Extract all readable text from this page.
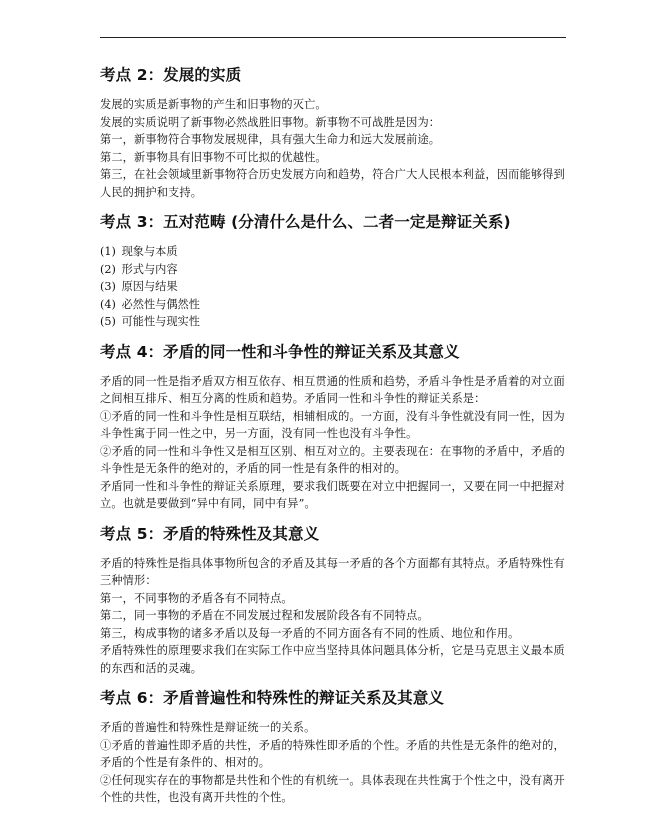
考点 2：发展的实质

发展的实质是新事物的产生和旧事物的灭亡。

发展的实质说明了新事物必然战胜旧事物。新事物不可战胜是因为：

第一，新事物符合事物发展规律，具有强大生命力和远大发展前途。

第二，新事物具有旧事物不可比拟的优越性。

第三，在社会领域里新事物符合历史发展方向和趋势，符合广大人民根本利益，因而能够得到人民的拥护和支持。

考点 3：五对范畴 (分清什么是什么、二者一定是辩证关系)

(1) 现象与本质

(2) 形式与内容

(3) 原因与结果

(4) 必然性与偶然性

(5) 可能性与现实性

考点 4：矛盾的同一性和斗争性的辩证关系及其意义

矛盾的同一性是指矛盾双方相互依存、相互贯通的性质和趋势，矛盾斗争性是矛盾着的对立面之间相互排斥、相互分离的性质和趋势。矛盾同一性和斗争性的辩证关系是：

①矛盾的同一性和斗争性是相互联结，相辅相成的。一方面，没有斗争性就没有同一性，因为斗争性寓于同一性之中，另一方面，没有同一性也没有斗争性。

②矛盾的同一性和斗争性又是相互区别、相互对立的。主要表现在：在事物的矛盾中，矛盾的斗争性是无条件的绝对的，矛盾的同一性是有条件的相对的。

矛盾同一性和斗争性的辩证关系原理，要求我们既要在对立中把握同一，又要在同一中把握对立。也就是要做到“异中有同，同中有异”。

考点 5：矛盾的特殊性及其意义

矛盾的特殊性是指具体事物所包含的矛盾及其每一矛盾的各个方面都有其特点。矛盾特殊性有三种情形：

第一，不同事物的矛盾各有不同特点。

第二，同一事物的矛盾在不同发展过程和发展阶段各有不同特点。

第三，构成事物的诸多矛盾以及每一矛盾的不同方面各有不同的性质、地位和作用。

矛盾特殊性的原理要求我们在实际工作中应当坚持具体问题具体分析，它是马克思主义最本质的东西和活的灵魂。

考点 6：矛盾普遍性和特殊性的辩证关系及其意义

矛盾的普遍性和特殊性是辩证统一的关系。

①矛盾的普遍性即矛盾的共性，矛盾的特殊性即矛盾的个性。矛盾的共性是无条件的绝对的，矛盾的个性是有条件的、相对的。

②任何现实存在的事物都是共性和个性的有机统一。具体表现在共性寓于个性之中，没有离开个性的共性，也没有离开共性的个性。
